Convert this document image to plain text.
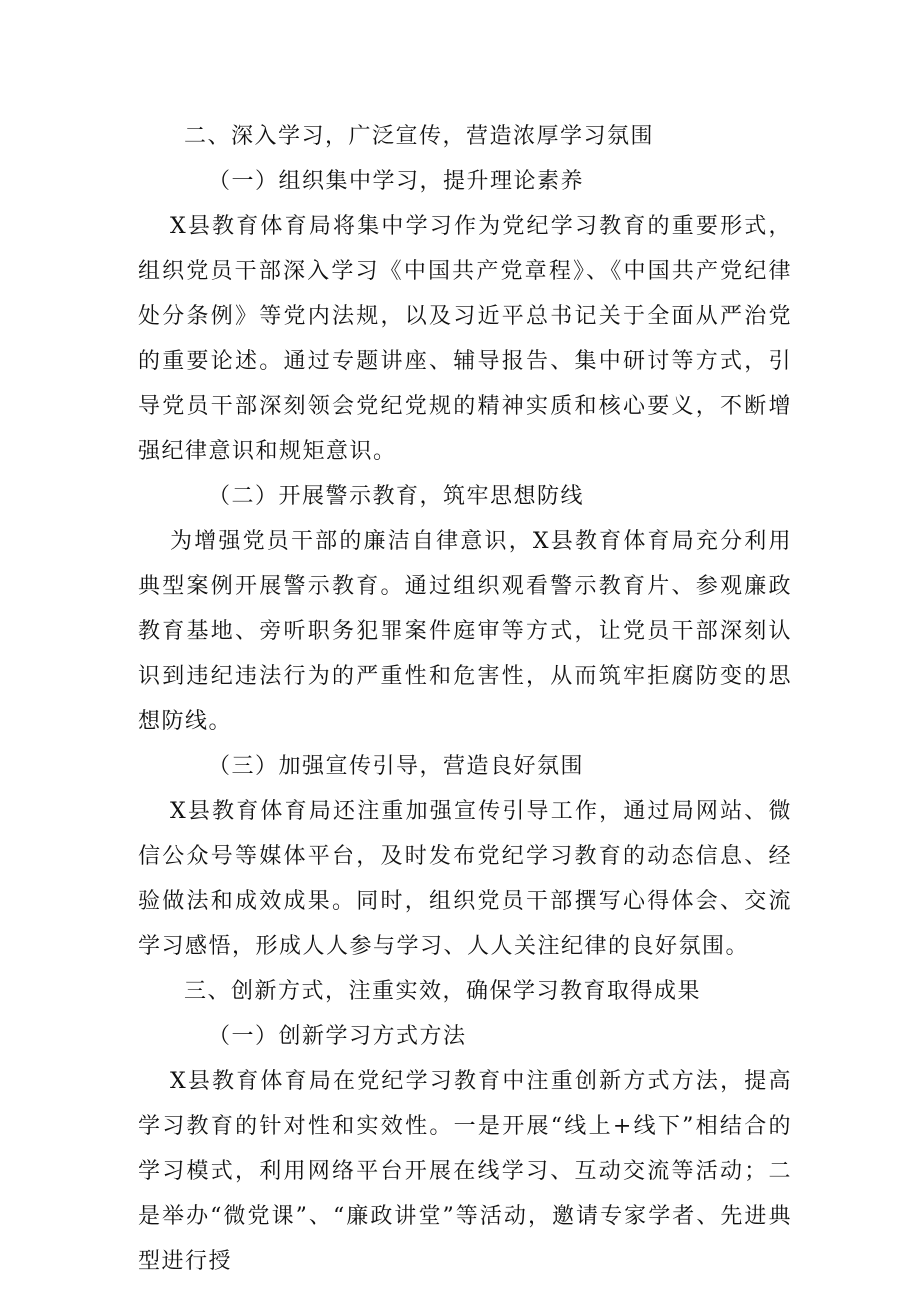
二、深入学习，广泛宣传，营造浓厚学习氛围

（一）组织集中学习，提升理论素养

X县教育体育局将集中学习作为党纪学习教育的重要形式，组织党员干部深入学习《中国共产党章程》、《中国共产党纪律处分条例》等党内法规，以及习近平总书记关于全面从严治党的重要论述。通过专题讲座、辅导报告、集中研讨等方式，引导党员干部深刻领会党纪党规的精神实质和核心要义，不断增强纪律意识和规矩意识。

（二）开展警示教育，筑牢思想防线

为增强党员干部的廉洁自律意识，X县教育体育局充分利用典型案例开展警示教育。通过组织观看警示教育片、参观廉政教育基地、旁听职务犯罪案件庭审等方式，让党员干部深刻认识到违纪违法行为的严重性和危害性，从而筑牢拒腐防变的思想防线。

（三）加强宣传引导，营造良好氛围

X县教育体育局还注重加强宣传引导工作，通过局网站、微信公众号等媒体平台，及时发布党纪学习教育的动态信息、经验做法和成效成果。同时，组织党员干部撰写心得体会、交流学习感悟，形成人人参与学习、人人关注纪律的良好氛围。

三、创新方式，注重实效，确保学习教育取得成果

（一）创新学习方式方法

X县教育体育局在党纪学习教育中注重创新方式方法，提高学习教育的针对性和实效性。一是开展“线上+线下”相结合的学习模式，利用网络平台开展在线学习、互动交流等活动；二是举办“微党课”、“廉政讲堂”等活动，邀请专家学者、先进典型进行授
